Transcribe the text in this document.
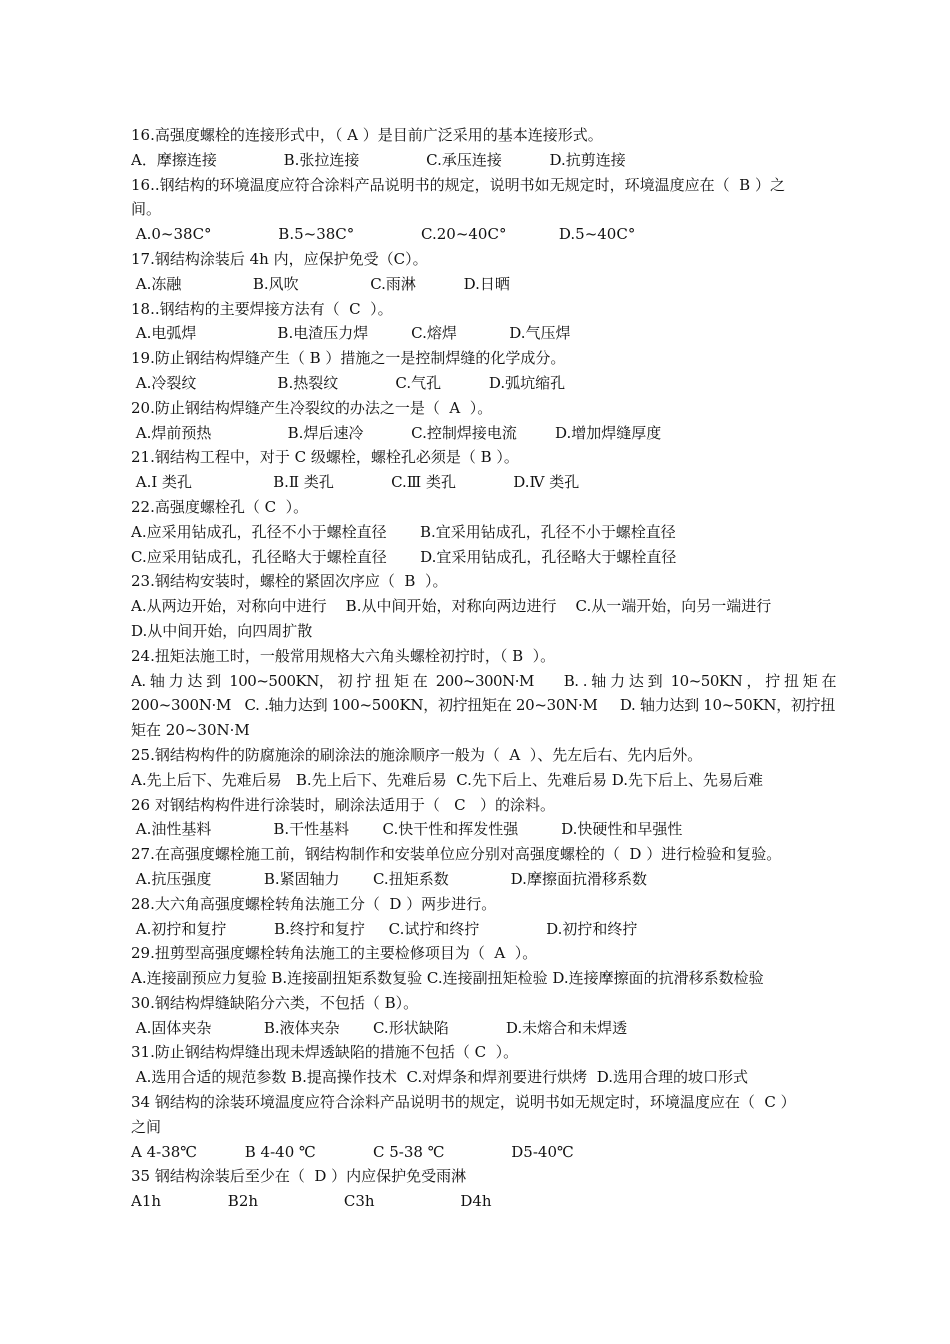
16.高强度螺栓的连接形式中，（ A ）是目前广泛采用的基本连接形式。
A．摩擦连接              B.张拉连接              C.承压连接          D.抗剪连接
16..钢结构的环境温度应符合涂料产品说明书的规定，说明书如无规定时，环境温度应在（  B ）之
间。
A.0~38C°              B.5~38C°              C.20~40C°           D.5~40C°
17.钢结构涂装后 4h 内，应保护免受（C）。
A.冻融               B.风吹               C.雨淋          D.日晒
18..钢结构的主要焊接方法有（  C  ）。
A.电弧焊                 B.电渣压力焊         C.熔焊           D.气压焊
19.防止钢结构焊缝产生（ B ）措施之一是控制焊缝的化学成分。
A.冷裂纹                 B.热裂纹            C.气孔          D.弧坑缩孔
20.防止钢结构焊缝产生冷裂纹的办法之一是（  A  ）。
A.焊前预热                B.焊后速冷          C.控制焊接电流        D.增加焊缝厚度
21.钢结构工程中，对于 C 级螺栓，螺栓孔必须是（ B ）。
A.Ⅰ 类孔                 B.Ⅱ 类孔            C.Ⅲ 类孔            D.Ⅳ 类孔
22.高强度螺栓孔（ C  ）。
A.应采用钻成孔，孔径不小于螺栓直径       B.宜采用钻成孔，孔径不小于螺栓直径
C.应采用钻成孔，孔径略大于螺栓直径       D.宜采用钻成孔，孔径略大于螺栓直径
23.钢结构安装时，螺栓的紧固次序应（  B  ）。
A.从两边开始，对称向中进行    B.从中间开始，对称向两边进行    C.从一端开始，向另一端进行
D.从中间开始，向四周扩散
24.扭矩法施工时，一般常用规格大六角头螺栓初拧时，（ B  ）。
A. 轴 力 达 到  100~500KN， 初 拧 扭 矩 在  200~300N·M       B. . 轴 力 达 到  10~50KN ， 拧 扭 矩 在
200~300N·M   C. .轴力达到 100~500KN，初拧扭矩在 20~30N·M     D. 轴力达到 10~50KN，初拧扭
矩在 20~30N·M
25.钢结构构件的防腐施涂的刷涂法的施涂顺序一般为（  A  ）、先左后右、先内后外。
A.先上后下、先难后易   B.先上后下、先难后易  C.先下后上、先难后易 D.先下后上、先易后难
26 对钢结构构件进行涂装时，刷涂法适用于（   C   ）的涂料。
A.油性基料             B.干性基料       C.快干性和挥发性强         D.快硬性和早强性
27.在高强度螺栓施工前，钢结构制作和安装单位应分别对高强度螺栓的（  D ）进行检验和复验。
A.抗压强度           B.紧固轴力       C.扭矩系数             D.摩擦面抗滑移系数
28.大六角高强度螺栓转角法施工分（  D ）两步进行。
A.初拧和复拧          B.终拧和复拧     C.试拧和终拧              D.初拧和终拧
29.扭剪型高强度螺栓转角法施工的主要检修项目为（  A  ）。
A.连接副预应力复验 B.连接副扭矩系数复验 C.连接副扭矩检验 D.连接摩擦面的抗滑移系数检验
30.钢结构焊缝缺陷分六类，不包括（ B）。
A.固体夹杂           B.液体夹杂       C.形状缺陷            D.未熔合和未焊透
31.防止钢结构焊缝出现未焊透缺陷的措施不包括（ C  ）。
A.选用合适的规范参数 B.提高操作技术  C.对焊条和焊剂要进行烘烤  D.选用合理的坡口形式
34 钢结构的涂装环境温度应符合涂料产品说明书的规定，说明书如无规定时，环境温度应在（  C ）
之间
A 4-38℃          B 4-40 ℃            C 5-38 ℃              D5-40℃
35 钢结构涂装后至少在（  D ）内应保护免受雨淋
A1h              B2h                  C3h                  D4h
